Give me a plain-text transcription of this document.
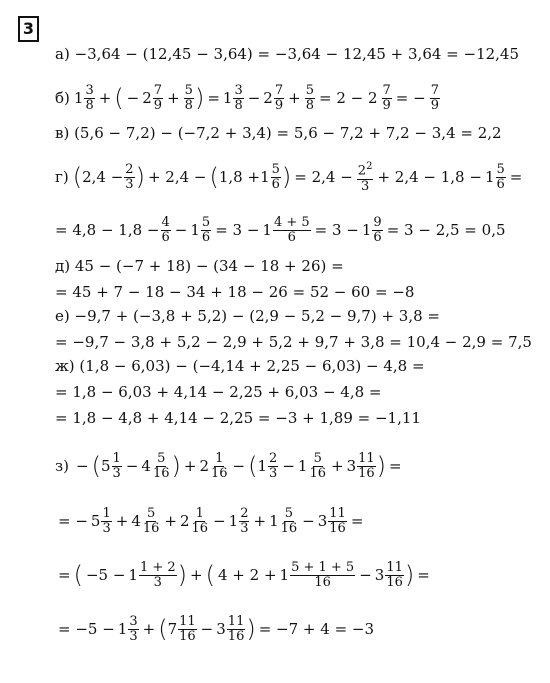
3
а) −3,64 − (12,45 − 3,64) = −3,64 − 12,45 + 3,64 = −12,45
б) $1 \frac{3}{8}$ + ( − $2 \frac{7}{9} + \frac{5}{8}$ ) = $1 \frac{3}{8} - 2 \frac{7}{9} + \frac{5}{8} = 2 - 2 \frac{7}{9}$ = − $\frac{7}{9}$
в) (5,6 − 7,2) − (−7,2 + 3,4) = 5,6 − 7,2 + 7,2 − 3,4 = 2,2
г) ( $2,4 - \frac{2}{3}$ ) + 2,4 − ( $1,8 + 1 \frac{5}{6}$ ) = $2,4 - \frac{2^2}{3} + 2,4 - 1,8 - 1 \frac{5}{6}$ =
= $4,8 - 1,8 - \frac{4}{6} - 1 \frac{5}{6} = 3 - 1 \frac{4 + 5}{6} = 3 - 1 \frac{9}{6} = 3 - 2,5 = 0,5$
д) 45 − (−7 + 18) − (34 − 18 + 26) =
= 45 + 7 − 18 − 34 + 18 − 26 = 52 − 60 = −8
е) −9,7 + (−3,8 + 5,2) − (2,9 − 5,2 − 9,7) + 3,8 =
= −9,7 − 3,8 + 5,2 − 2,9 + 5,2 + 9,7 + 3,8 = 10,4 − 2,9 = 7,5
ж) (1,8 − 6,03) − (−4,14 + 2,25 − 6,03) − 4,8 =
= 1,8 − 6,03 + 4,14 − 2,25 + 6,03 − 4,8 =
= 1,8 − 4,8 + 4,14 − 2,25 = −3 + 1,89 = −1,11
з) − ( $5 \frac{1}{3} - 4 \frac{5}{16}$ ) + $2 \frac{1}{16}$ − ( $1 \frac{2}{3} - 1 \frac{5}{16} + 3 \frac{11}{16}$ ) =
= − $5 \frac{1}{3} + 4 \frac{5}{16} + 2 \frac{1}{16} - 1 \frac{2}{3} + 1 \frac{5}{16} - 3 \frac{11}{16}$ =
= ( $-5 - 1 \frac{1 + 2}{3}$ ) + ( $4 + 2 + 1 \frac{5 + 1 + 5}{16} - 3 \frac{11}{16}$ ) =
= $-5 - 1 \frac{3}{3}$ + ( $7 \frac{11}{16} - 3 \frac{11}{16}$ ) = −7 + 4 = −3
